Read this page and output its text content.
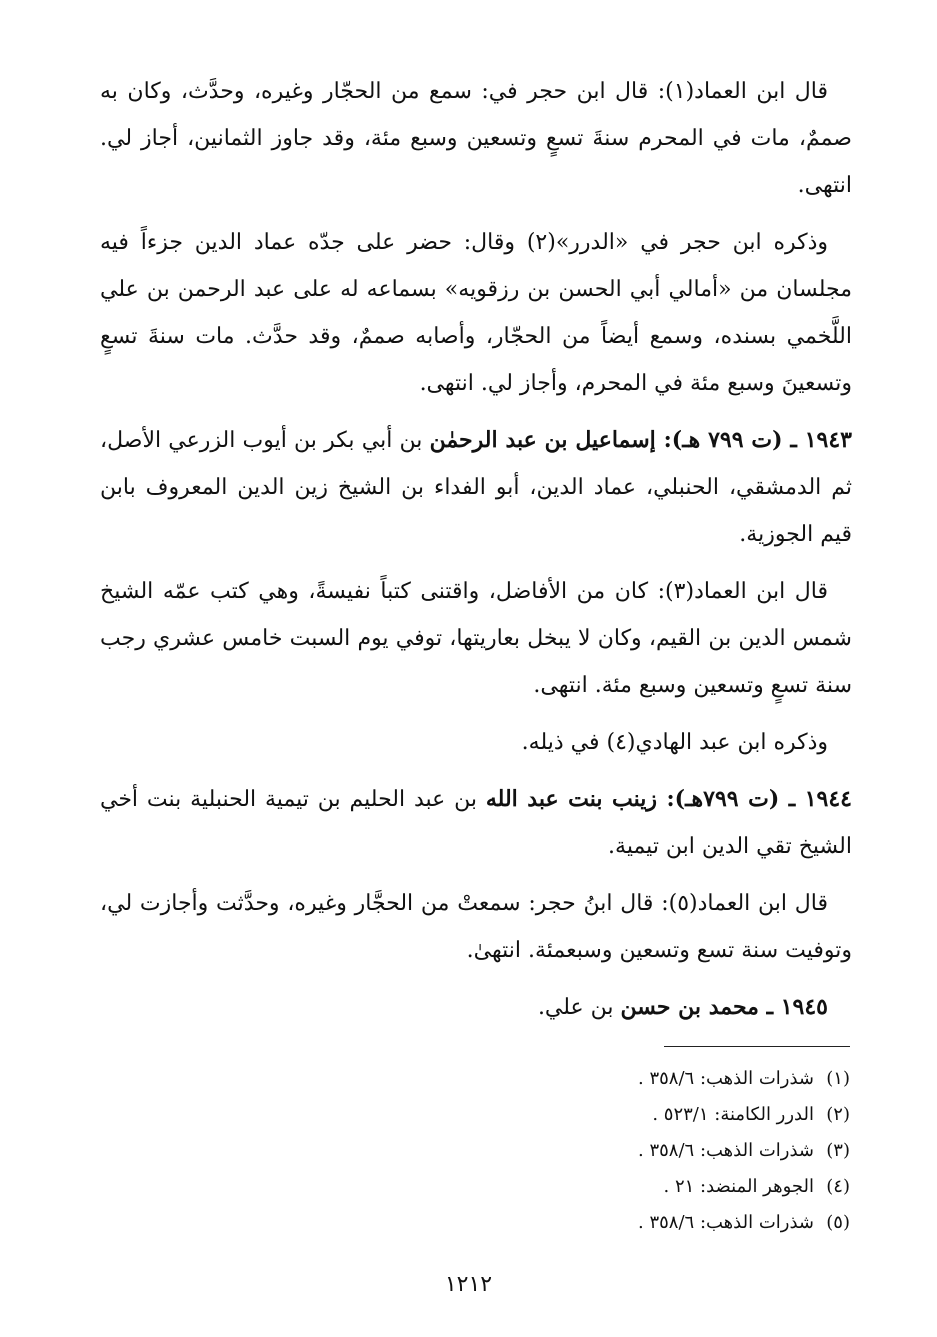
قال ابن العماد(١): قال ابن حجر في: سمع من الحجّار وغيره، وحدَّث، وكان به صممٌ، مات في المحرم سنةَ تسعٍ وتسعين وسبع مئة، وقد جاوز الثمانين، أجاز لي. انتهى.

وذكره ابن حجر في «الدرر»(٢) وقال: حضر على جدّه عماد الدين جزءاً فيه مجلسان من «أمالي أبي الحسن بن رزقويه» بسماعه له على عبد الرحمن بن علي اللَّخمي بسنده، وسمع أيضاً من الحجّار، وأصابه صممٌ، وقد حدَّث. مات سنةَ تسعٍ وتسعينَ وسبع مئة في المحرم، وأجاز لي. انتهى.

١٩٤٣ ـ (ت ٧٩٩ هـ): إسماعيل بن عبد الرحمٰن بن أبي بكر بن أيوب الزرعي الأصل، ثم الدمشقي، الحنبلي، عماد الدين، أبو الفداء بن الشيخ زين الدين المعروف بابن قيم الجوزية.

قال ابن العماد(٣): كان من الأفاضل، واقتنى كتباً نفيسةً، وهي كتب عمّه الشيخ شمس الدين بن القيم، وكان لا يبخل بعاريتها، توفي يوم السبت خامس عشري رجب سنة تسعٍ وتسعين وسبع مئة. انتهى.

وذكره ابن عبد الهادي(٤) في ذيله.

١٩٤٤ ـ (ت ٧٩٩هـ): زينب بنت عبد الله بن عبد الحليم بن تيمية الحنبلية بنت أخي الشيخ تقي الدين ابن تيمية.

قال ابن العماد(٥): قال ابنُ حجر: سمعتْ من الحجَّار وغيره، وحدَّثت وأجازت لي، وتوفيت سنة تسع وتسعين وسبعمئة. انتهىٰ.

١٩٤٥ ـ محمد بن حسن بن علي.

(١)شذرات الذهب: ٣٥٨/٦ .
(٢)الدرر الكامنة: ٥٢٣/١ .
(٣)شذرات الذهب: ٣٥٨/٦ .
(٤)الجوهر المنضد: ٢١ .
(٥)شذرات الذهب: ٣٥٨/٦ .
١٢١٢
